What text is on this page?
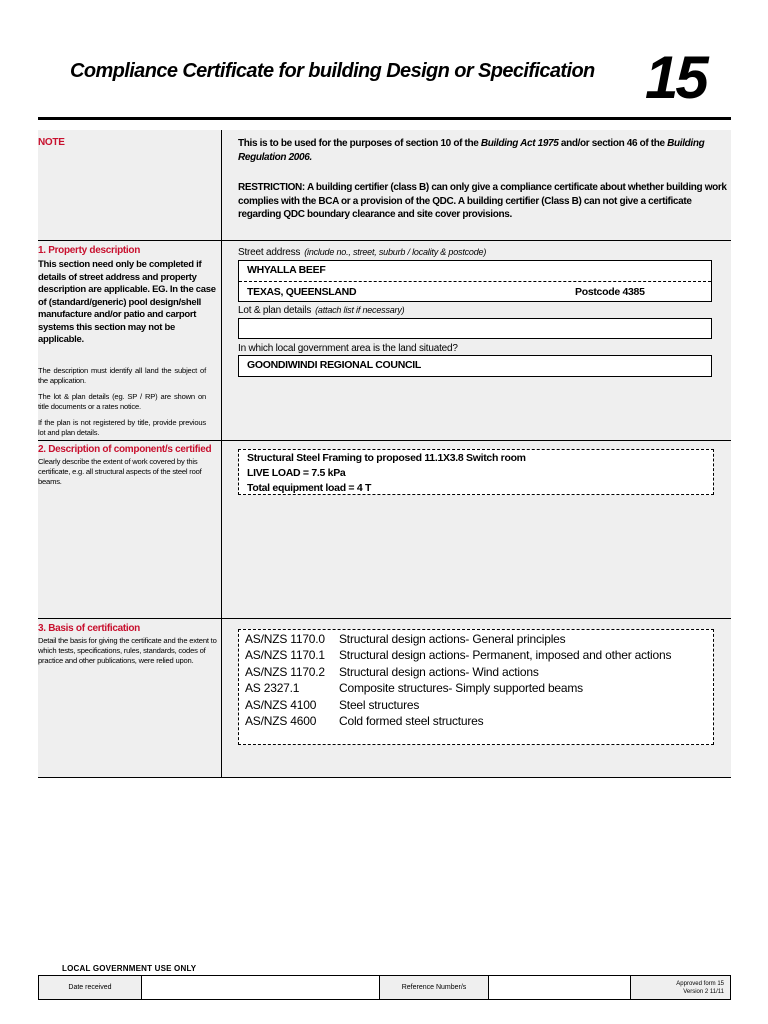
Compliance Certificate for building Design or Specification 15
NOTE	This is to be used for the purposes of section 10 of the Building Act 1975 and/or section 46 of the Building Regulation 2006.
RESTRICTION: A building certifier (class B) can only give a compliance certificate about whether building work complies with the BCA or a provision of the QDC. A building certifier (Class B) can not give a certificate regarding QDC boundary clearance and site cover provisions.
1. Property description
This section need only be completed if details of street address and property description are applicable. EG. In the case of (standard/generic) pool design/shell manufacture and/or patio and carport systems this section may not be applicable.
The description must identify all land the subject of the application.
The lot & plan details (eg. SP / RP) are shown on title documents or a rates notice.
If the plan is not registered by title, provide previous lot and plan details.
Street address (include no., street, suburb / locality & postcode)
WHYALLA BEEF
TEXAS, QUEENSLAND	Postcode 4385
Lot & plan details (attach list if necessary)
In which local government area is the land situated?
GOONDIWINDI REGIONAL COUNCIL
2. Description of component/s certified
Clearly describe the extent of work covered by this certificate, e.g. all structural aspects of the steel roof beams.
Structural Steel Framing to proposed 11.1X3.8 Switch room
LIVE LOAD = 7.5 kPa
Total equipment load = 4 T
3. Basis of certification
Detail the basis for giving the certificate and the extent to which tests, specifications, rules, standards, codes of practice and other publications, were relied upon.
AS/NZS 1170.0 Structural design actions- General principles
AS/NZS 1170.1 Structural design actions- Permanent, imposed and other actions
AS/NZS 1170.2 Structural design actions- Wind actions
AS 2327.1	Composite structures- Simply supported beams
AS/NZS 4100 Steel structures
AS/NZS 4600 Cold formed steel structures
LOCAL GOVERNMENT USE ONLY
Date received	Reference Number/s
Approved form 15
Version 2 11/11
